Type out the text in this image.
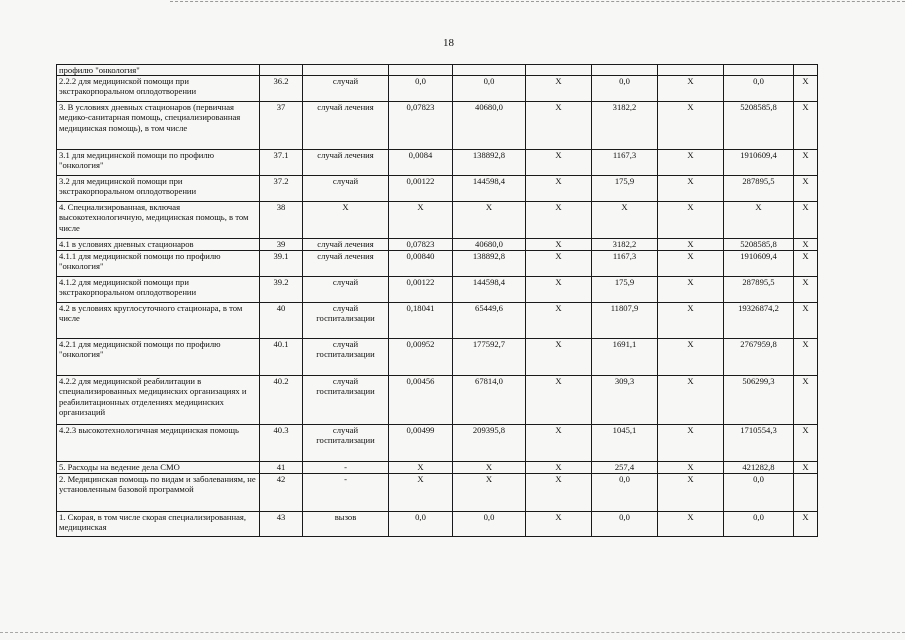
18
профилю "онкология"									
2.2.2 для медицинской помощи при экстракорпоральном оплодотворении	36.2	случай	0,0	0,0	Х	0,0	Х	0,0	Х
3. В условиях дневных стационаров (первичная медико-санитарная помощь, специализированная медицинская помощь), в том числе	37	случай лечения	0,07823	40680,0	Х	3182,2	Х	5208585,8	Х
3.1 для медицинской помощи по профилю "онкология"	37.1	случай лечения	0,0084	138892,8	Х	1167,3	Х	1910609,4	Х
3.2 для медицинской помощи при экстракорпоральном оплодотворении	37.2	случай	0,00122	144598,4	Х	175,9	Х	287895,5	Х
4. Специализированная, включая высокотехнологичную, медицинская помощь, в том числе	38	Х	Х	Х	Х	Х	Х	Х	Х
4.1 в условиях дневных стационаров	39	случай лечения	0,07823	40680,0	Х	3182,2	Х	5208585,8	Х
4.1.1 для медицинской помощи по профилю "онкология"	39.1	случай лечения	0,00840	138892,8	Х	1167,3	Х	1910609,4	Х
4.1.2 для медицинской помощи при экстракорпоральном оплодотворении	39.2	случай	0,00122	144598,4	Х	175,9	Х	287895,5	Х
4.2 в условиях круглосуточного стационара, в том числе	40	случай госпитализации	0,18041	65449,6	Х	11807,9	Х	19326874,2	Х
4.2.1 для медицинской помощи по профилю "онкология"	40.1	случай госпитализации	0,00952	177592,7	Х	1691,1	Х	2767959,8	Х
4.2.2 для медицинской реабилитации в специализированных медицинских организациях и реабилитационных отделениях медицинских организаций	40.2	случай госпитализации	0,00456	67814,0	Х	309,3	Х	506299,3	Х
4.2.3 высокотехнологичная медицинская помощь	40.3	случай госпитализации	0,00499	209395,8	Х	1045,1	Х	1710554,3	Х
5. Расходы на ведение дела СМО	41	-	Х	Х	Х	257,4	Х	421282,8	Х
2. Медицинская помощь по видам и заболеваниям, не установленным базовой программой	42	-	Х	Х	Х	0,0	Х	0,0	
1. Скорая, в том числе скорая специализированная, медицинская	43	вызов	0,0	0,0	Х	0,0	Х	0,0	Х
